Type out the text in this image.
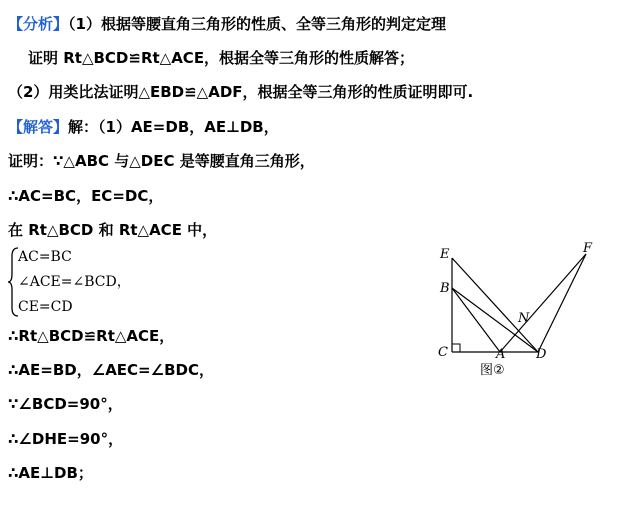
【分析】（1）根据等腰直角三角形的性质、全等三角形的判定定理
证明 Rt△BCD≌Rt△ACE，根据全等三角形的性质解答；
（2）用类比法证明△EBD≌△ADF，根据全等三角形的性质证明即可.
【解答】解：（1）AE=DB，AE⊥DB，
证明：∵△ABC 与△DEC 是等腰直角三角形，
∴AC=BC，EC=DC，
在 Rt△BCD 和 Rt△ACE 中，
AC=BC
∠ACE=∠BCD，
CE=CD
∴Rt△BCD≌Rt△ACE，
∴AE=BD，∠AEC=∠BDC，
∵∠BCD=90°，
∴∠DHE=90°，
∴AE⊥DB；
E
B
C	A D
N
F
图②
